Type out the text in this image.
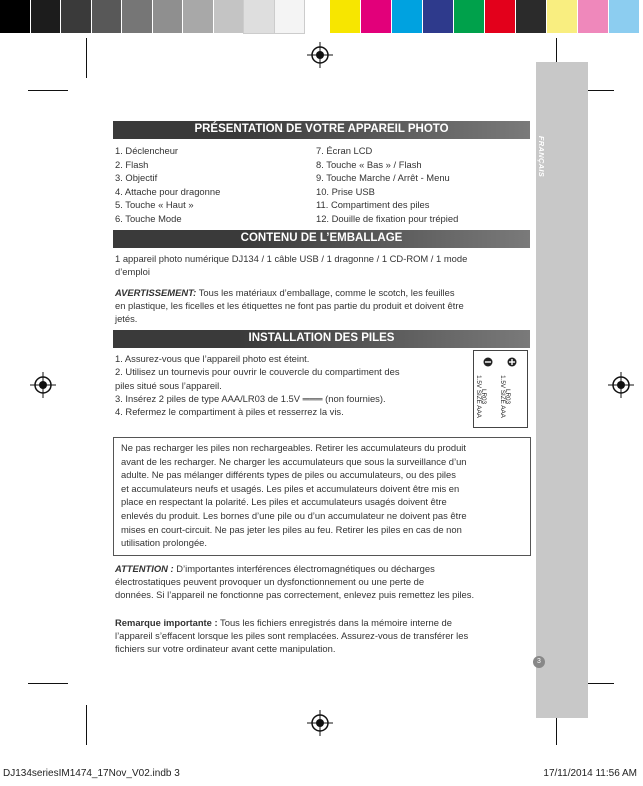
FRANÇAIS
PRÉSENTATION DE VOTRE APPAREIL PHOTO
1. Déclencheur
2. Flash
3. Objectif
4. Attache pour dragonne
5. Touche « Haut »
6. Touche Mode
7. Écran LCD
8. Touche « Bas » / Flash
9. Touche Marche / Arrêt - Menu
10. Prise USB
11. Compartiment des piles
12. Douille de fixation pour trépied
CONTENU DE L’EMBALLAGE
1 appareil photo numérique DJ134 / 1 câble USB / 1 dragonne / 1 CD-ROM / 1 mode
d’emploi
AVERTISSEMENT: Tous les matériaux d’emballage, comme le scotch, les feuilles
en plastique, les ficelles et les étiquettes ne font pas partie du produit et doivent être
jetés.
INSTALLATION DES PILES
1. Assurez-vous que l’appareil photo est éteint.
2. Utilisez un tournevis pour ouvrir le couvercle du compartiment des
piles situé sous l’appareil.
3. Insérez 2 piles de type AAA/LR03 de 1.5V ═══ (non fournies).
4. Refermez le compartiment à piles et resserrez la vis.	1.5V SIZE AAA
LR03 1.5V SIZE AAA
LR03
Ne pas recharger les piles non rechargeables. Retirer les accumulateurs du produit
avant de les recharger. Ne charger les accumulateurs que sous la surveillance d’un
adulte. Ne pas mélanger différents types de piles ou accumulateurs, ou des piles
et accumulateurs neufs et usagés. Les piles et accumulateurs doivent être mis en
place en respectant la polarité. Les piles et accumulateurs usagés doivent être
enlevés du produit. Les bornes d’une pile ou d’un accumulateur ne doivent pas être
mises en court-circuit. Ne pas jeter les piles au feu. Retirer les piles en cas de non
utilisation prolongée.
ATTENTION : D’importantes interférences électromagnétiques ou décharges
électrostatiques peuvent provoquer un dysfonctionnement ou une perte de
données. Si l’appareil ne fonctionne pas correctement, enlevez puis remettez les piles.
Remarque importante : Tous les fichiers enregistrés dans la mémoire interne de
l’appareil s’effacent lorsque les piles sont remplacées. Assurez-vous de transférer les
fichiers sur votre ordinateur avant cette manipulation.
3
DJ134seriesIM1474_17Nov_V02.indb 3	17/11/2014 11:56 AM
